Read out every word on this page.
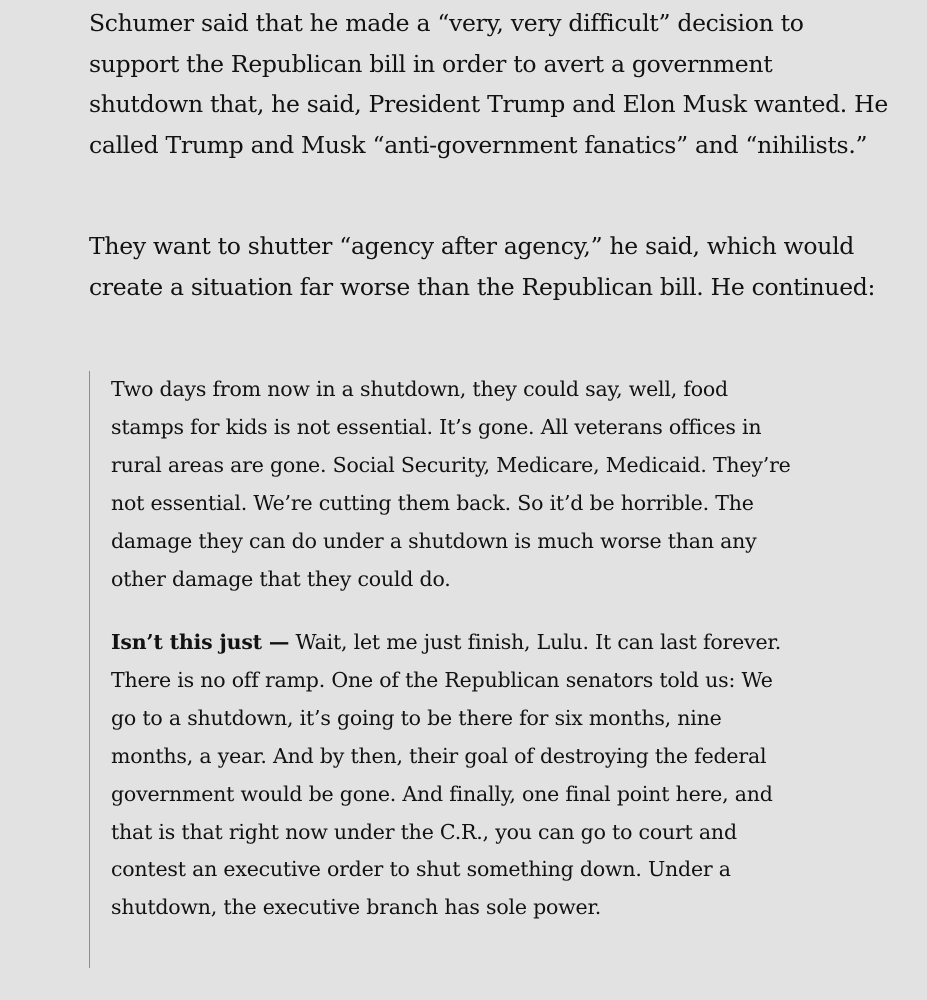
Schumer said that he made a “very, very difficult” decision to support the Republican bill in order to avert a government shutdown that, he said, President Trump and Elon Musk wanted. He called Trump and Musk “anti-government fanatics” and “nihilists.”

They want to shutter “agency after agency,” he said, which would create a situation far worse than the Republican bill. He continued:

Two days from now in a shutdown, they could say, well, food stamps for kids is not essential. It’s gone. All veterans offices in rural areas are gone. Social Security, Medicare, Medicaid. They’re not essential. We’re cutting them back. So it’d be horrible. The damage they can do under a shutdown is much worse than any other damage that they could do.

Isn’t this just — Wait, let me just finish, Lulu. It can last forever. There is no off ramp. One of the Republican senators told us: We go to a shutdown, it’s going to be there for six months, nine months, a year. And by then, their goal of destroying the federal government would be gone. And finally, one final point here, and that is that right now under the C.R., you can go to court and contest an executive order to shut something down. Under a shutdown, the executive branch has sole power.
